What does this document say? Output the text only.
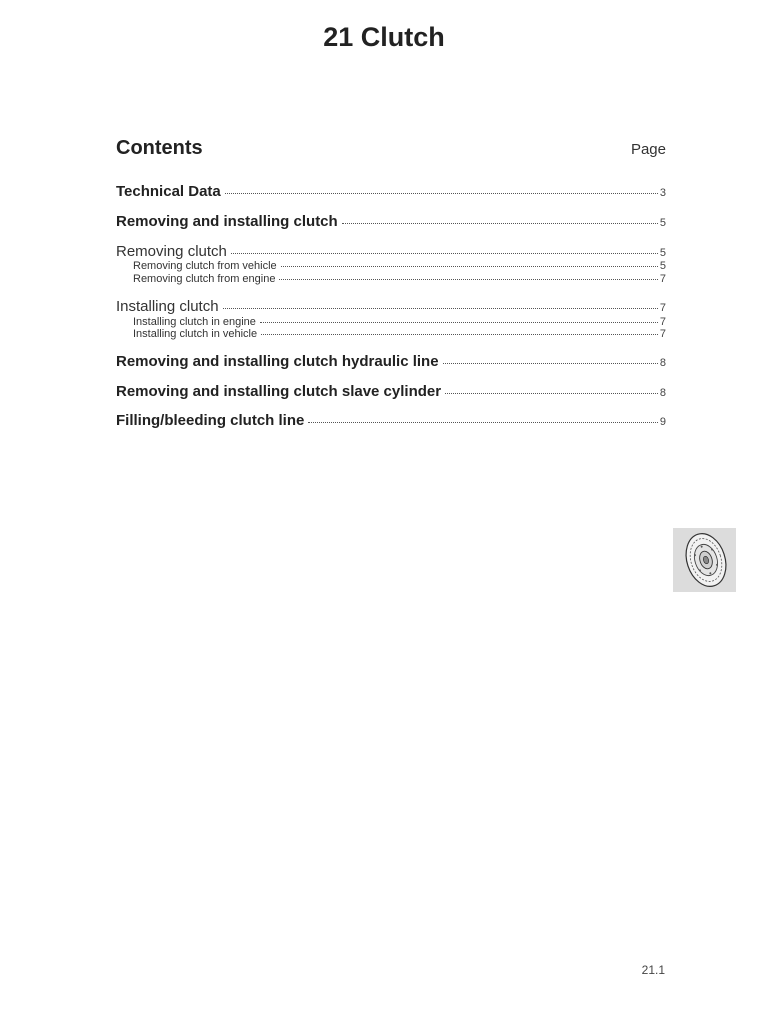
21 Clutch
Contents	Page
Technical Data	3
Removing and installing clutch	5
Removing clutch	5
Removing clutch from vehicle	5
Removing clutch from engine	7
Installing clutch	7
Installing clutch in engine	7
Installing clutch in vehicle	7
Removing and installing clutch hydraulic line	8
Removing and installing clutch slave cylinder	8
Filling/bleeding clutch line	9
21.1
